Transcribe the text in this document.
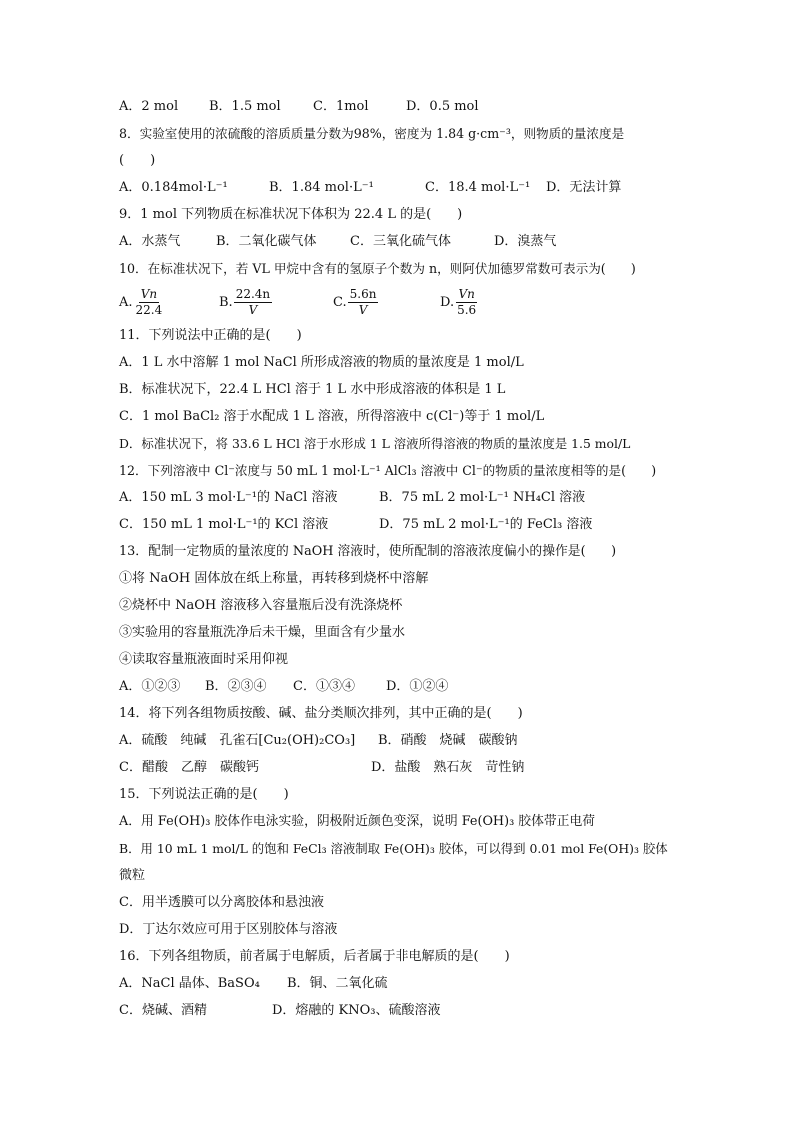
A．2 mol B．1.5 mol C．1mol	D．0.5 mol
8．实验室使用的浓硫酸的溶质质量分数为98%，密度为 1.84 g·cm⁻³，则物质的量浓度是
(　　)
A．0.184mol·L⁻¹	B．1.84 mol·L⁻¹	C．18.4 mol·L⁻¹ D．无法计算
9．1 mol 下列物质在标准状况下体积为 22.4 L 的是(　　)
A．水蒸气	B．二氧化碳气体	C．三氧化硫气体	D．溴蒸气
10．在标准状况下，若 VL 甲烷中含有的氢原子个数为 n，则阿伏加德罗常数可表示为(　　)
A. $\frac{Vn}{22.4}$	B. $\frac{22.4n}{V}$	C. $\frac{5.6n}{V}$	D. $\frac{Vn}{5.6}$
11．下列说法中正确的是(　　)
A．1 L 水中溶解 1 mol NaCl 所形成溶液的物质的量浓度是 1 mol/L
B．标准状况下，22.4 L HCl 溶于 1 L 水中形成溶液的体积是 1 L
C．1 mol BaCl₂ 溶于水配成 1 L 溶液，所得溶液中 c(Cl⁻)等于 1 mol/L
D．标准状况下，将 33.6 L HCl 溶于水形成 1 L 溶液所得溶液的物质的量浓度是 1.5 mol/L
12．下列溶液中 Cl⁻浓度与 50 mL 1 mol·L⁻¹ AlCl₃ 溶液中 Cl⁻的物质的量浓度相等的是(　　)
A．150 mL 3 mol·L⁻¹的 NaCl 溶液	B．75 mL 2 mol·L⁻¹ NH₄Cl 溶液
C．150 mL 1 mol·L⁻¹的 KCl 溶液	D．75 mL 2 mol·L⁻¹的 FeCl₃ 溶液
13．配制一定物质的量浓度的 NaOH 溶液时，使所配制的溶液浓度偏小的操作是(　　)
①将 NaOH 固体放在纸上称量，再转移到烧杯中溶解
②烧杯中 NaOH 溶液移入容量瓶后没有洗涤烧杯
③实验用的容量瓶洗净后未干燥，里面含有少量水
④读取容量瓶液面时采用仰视
A．①②③ B．②③④ C．①③④ D．①②④
14．将下列各组物质按酸、碱、盐分类顺次排列，其中正确的是(　　)
A．硫酸　纯碱　孔雀石[Cu₂(OH)₂CO₃] B．硝酸　烧碱　碳酸钠
C．醋酸　乙醇　碳酸钙	D．盐酸　熟石灰　苛性钠
15．下列说法正确的是(　　)
A．用 Fe(OH)₃ 胶体作电泳实验，阴极附近颜色变深，说明 Fe(OH)₃ 胶体带正电荷
B．用 10 mL 1 mol/L 的饱和 FeCl₃ 溶液制取 Fe(OH)₃ 胶体，可以得到 0.01 mol Fe(OH)₃ 胶体
微粒
C．用半透膜可以分离胶体和悬浊液
D．丁达尔效应可用于区别胶体与溶液
16．下列各组物质，前者属于电解质，后者属于非电解质的是(　　)
A．NaCl 晶体、BaSO₄ B．铜、二氧化硫
C．烧碱、酒精	D．熔融的 KNO₃、硫酸溶液
